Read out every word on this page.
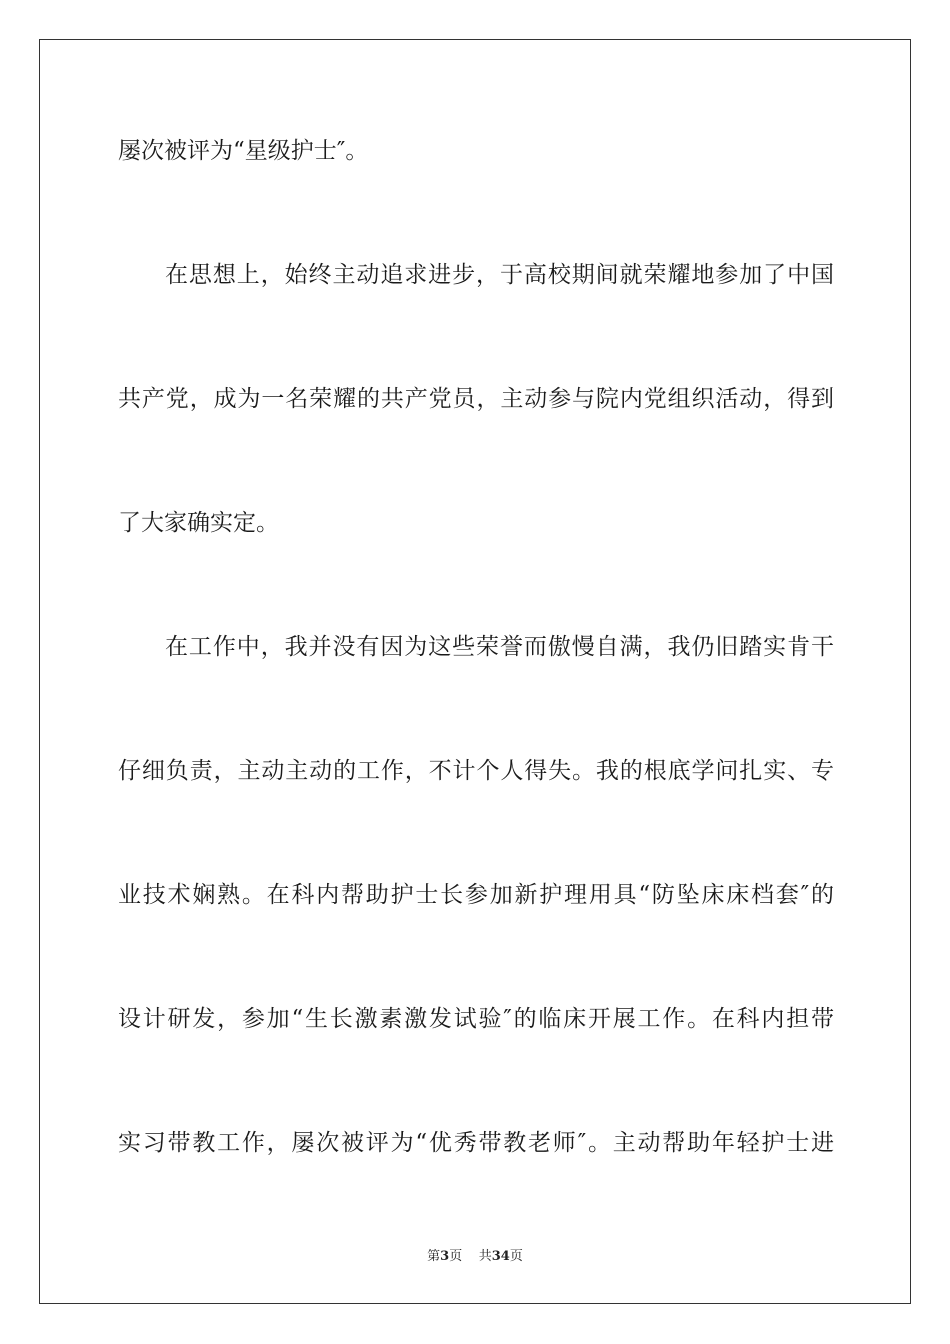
屡次被评为“星级护士″。
在思想上，始终主动追求进步，于高校期间就荣耀地参加了中国
共产党，成为一名荣耀的共产党员，主动参与院内党组织活动，得到
了大家确实定。
在工作中，我并没有因为这些荣誉而傲慢自满，我仍旧踏实肯干
仔细负责，主动主动的工作，不计个人得失。我的根底学问扎实、专
业技术娴熟。在科内帮助护士长参加新护理用具“防坠床床档套″的
设计研发，参加“生长激素激发试验″的临床开展工作。在科内担带
实习带教工作，屡次被评为“优秀带教老师″。主动帮助年轻护士进
第3页 共34页
